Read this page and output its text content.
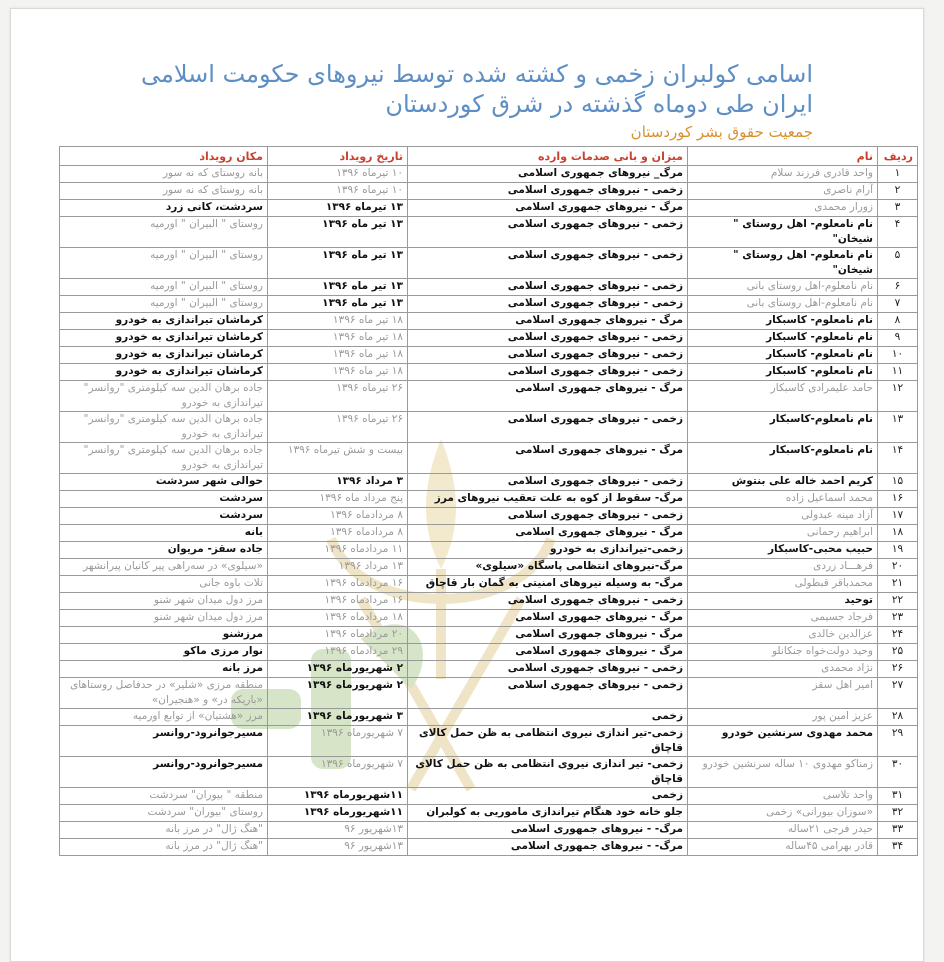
اسامی کولبران زخمی و کشته شده توسط نیروهای حکومت اسلامی
ایران طی دوماه گذشته در شرق کوردستان
جمعیت حقوق بشر کوردستان
ردیف	نام	میزان و بانی صدمات وارده	تاریخ رویداد	مکان رویداد
۱	واحد قادری فرزند سلام	مرگ_ نیروهای جمهوری اسلامی	۱۰ تیرماه ۱۳۹۶	بانه روستای که نه سور
۲	آرام ناصری	زخمی - نیروهای جمهوری اسلامی	۱۰ تیرماه ۱۳۹۶	بانه روستای که نه سور
۳	زورار محمدی	مرگ - نیروهای جمهوری اسلامی	۱۳ تیرماه ۱۳۹۶	سردشت، کانی زرد
۴	نام نامعلوم- اهل روستای " شیخان"	زخمی - نیروهای جمهوری اسلامی	۱۳ تیر ماه ۱۳۹۶	روستای " البیران " اورمیه
۵	نام نامعلوم- اهل روستای " شیخان"	زخمی - نیروهای جمهوری اسلامی	۱۳ تیر ماه ۱۳۹۶	روستای " البیران " اورمیه
۶	نام نامعلوم-اهل روستای بانی	زخمی - نیروهای جمهوری اسلامی	۱۳ تیر ماه ۱۳۹۶	روستای " البیران " اورمیه
۷	نام نامعلوم-اهل روستای بانی	زخمی - نیروهای جمهوری اسلامی	۱۳ تیر ماه ۱۳۹۶	روستای " البیران " اورمیه
۸	نام نامعلوم- کاسبکار	مرگ - نیروهای جمهوری اسلامی	۱۸ تیر ماه ۱۳۹۶	کرماشان تیراندازی به خودرو
۹	نام نامعلوم- کاسبکار	زخمی - نیروهای جمهوری اسلامی	۱۸ تیر ماه ۱۳۹۶	کرماشان تیراندازی به خودرو
۱۰	نام نامعلوم- کاسبکار	زخمی - نیروهای جمهوری اسلامی	۱۸ تیر ماه ۱۳۹۶	کرماشان تیراندازی به خودرو
۱۱	نام نامعلوم- کاسبکار	زخمی - نیروهای جمهوری اسلامی	۱۸ تیر ماه ۱۳۹۶	کرماشان تیراندازی به خودرو
۱۲	حامد علیمرادی کاسبکار	مرگ - نیروهای جمهوری اسلامی	۲۶ تیرماه ۱۳۹۶	جاده برهان الدین سه کیلومتری "روانسر" تیراندازی به خودرو
۱۳	نام نامعلوم-کاسبکار	زخمی - نیروهای جمهوری اسلامی	۲۶ تیرماه ۱۳۹۶	جاده برهان الدین سه کیلومتری "روانسر" تیراندازی به خودرو
۱۴	نام نامعلوم-کاسبکار	مرگ - نیروهای جمهوری اسلامی	بیست و شش تیرماه ۱۳۹۶	جاده برهان الدین سه کیلومتری "روانسر" تیراندازی به خودرو
۱۵	کریم احمد خاله علی بنتوش	زخمی - نیروهای جمهوری اسلامی	۳ مرداد ۱۳۹۶	حوالی شهر سردشت
۱۶	محمد اسماعیل زاده	مرگ- سقوط از کوه به علت تعقیب نیروهای مرز	پنج مرداد ماه ۱۳۹۶	سردشت
۱۷	آزاد مینه عبدولی	زخمی - نیروهای جمهوری اسلامی	۸ مردادماه ۱۳۹۶	سردشت
۱۸	ابراهیم رحمانی	مرگ - نیروهای جمهوری اسلامی	۸ مردادماه ۱۳۹۶	بانه
۱۹	حبیب محبی-کاسبکار	زخمی-تیراندازی به خودرو	۱۱ مردادماه ۱۳۹۶	جاده سقز- مریوان
۲۰	فرهـــاد زردی	مرگ-نیروهای انتظامی پاسگاه «سیلوی»	۱۳ مرداد ۱۳۹۶	«سیلوی» در سه‌راهی پیر کانیان پیرانشهر
۲۱	محمدباقر قبطولی	مرگ- به وسیله نیروهای امنیتی به گمان بار قاچاق	۱۶ مردادماه ۱۳۹۶	تلات باوه جانی
۲۲	توحید	زخمی - نیروهای جمهوری اسلامی	۱۶ مردادماه ۱۳۹۶	مرز دول میدان شهر شنو
۲۳	فرجاد جسیمی	مرگ - نیروهای جمهوری اسلامی	۱۸ مردادماه ۱۳۹۶	مرز دول میدان شهر شنو
۲۴	عزالدین خالدی	مرگ - نیروهای جمهوری اسلامی	۲۰ مردادماه ۱۳۹۶	مرزشنو
۲۵	وحید دولت‌خواه جنکانلو	مرگ - نیروهای جمهوری اسلامی	۲۹ مردادماه ۱۳۹۶	نوار مرزی ماکو
۲۶	نژاد محمدی	زخمی - نیروهای جمهوری اسلامی	۲ شهریورماه ۱۳۹۶	مرز بانه
۲۷	امیر اهل سقز	زخمی - نیروهای جمهوری اسلامی	۲ شهریورماه ۱۳۹۶	منطقه مرزی «شلیر» در حدفاصل روستاهای «باریکه در» و «هنجیران»
۲۸	عزیز امین پور	زخمی	۳ شهریورماه ۱۳۹۶	مرز «هشتیان» از توابع اورمیه
۲۹	محمد مهدوی سرنشین خودرو	زخمی-تیر اندازی نیروی انتظامی به ظن حمل کالای قاچاق	۷ شهریورماه ۱۳۹۶	مسیرجوانرود-روانسر
۳۰	زمناکو مهدوی ۱۰ ساله سرنشین خودرو	زخمی- تیر اندازی نیروی انتظامی به ظن حمل کالای قاچاق	۷ شهریورماه ۱۳۹۶	مسیرجوانرود-روانسر
۳۱	واحد تلاسی	زخمی	۱۱شهریورماه ۱۳۹۶	منطقه " بیوران" سردشت
۳۲	«سوزان بیورانی» زخمی	جلو خانه خود هنگام تیراندازی ماموریی به کولبران	۱۱شهریورماه ۱۳۹۶	روستای "بیوران" سردشت
۳۳	حیدر فرجی ۲۱ساله	مرگ- - نیروهای جمهوری اسلامی	۱۳شهریور ۹۶	"هنگ ژال" در مرز بانه
۳۴	قادر بهرامی ۴۵ساله	مرگ- - نیروهای جمهوری اسلامی	۱۳شهریور ۹۶	"هنگ ژال" در مرز بانه
